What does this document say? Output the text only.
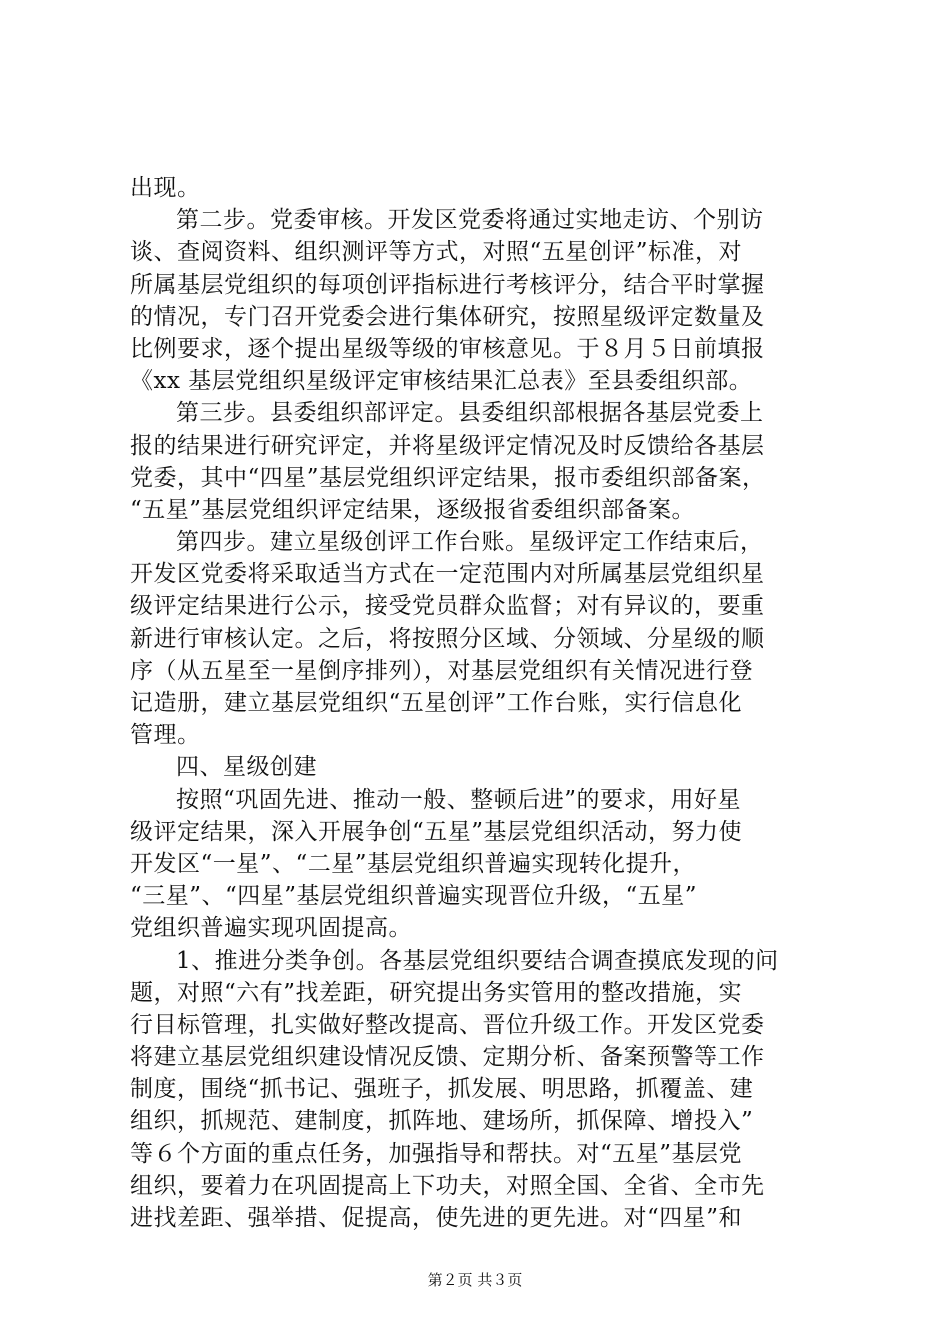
出现。
第二步。党委审核。开发区党委将通过实地走访、个别访
谈、查阅资料、组织测评等方式，对照“五星创评”标准，对
所属基层党组织的每项创评指标进行考核评分，结合平时掌握
的情况，专门召开党委会进行集体研究，按照星级评定数量及
比例要求，逐个提出星级等级的审核意见。于８月５日前填报
《xx 基层党组织星级评定审核结果汇总表》至县委组织部。
第三步。县委组织部评定。县委组织部根据各基层党委上
报的结果进行研究评定，并将星级评定情况及时反馈给各基层
党委，其中“四星”基层党组织评定结果，报市委组织部备案，
“五星”基层党组织评定结果，逐级报省委组织部备案。
第四步。建立星级创评工作台账。星级评定工作结束后，
开发区党委将采取适当方式在一定范围内对所属基层党组织星
级评定结果进行公示，接受党员群众监督；对有异议的，要重
新进行审核认定。之后，将按照分区域、分领域、分星级的顺
序（从五星至一星倒序排列），对基层党组织有关情况进行登
记造册，建立基层党组织“五星创评”工作台账，实行信息化
管理。
四、星级创建
按照“巩固先进、推动一般、整顿后进”的要求，用好星
级评定结果，深入开展争创“五星”基层党组织活动，努力使
开发区“一星”、“二星”基层党组织普遍实现转化提升，
“三星”、“四星”基层党组织普遍实现晋位升级，“五星”
党组织普遍实现巩固提高。
1、推进分类争创。各基层党组织要结合调查摸底发现的问
题，对照“六有”找差距，研究提出务实管用的整改措施，实
行目标管理，扎实做好整改提高、晋位升级工作。开发区党委
将建立基层党组织建设情况反馈、定期分析、备案预警等工作
制度，围绕“抓书记、强班子，抓发展、明思路，抓覆盖、建
组织，抓规范、建制度，抓阵地、建场所，抓保障、增投入”
等６个方面的重点任务，加强指导和帮扶。对“五星”基层党
组织，要着力在巩固提高上下功夫，对照全国、全省、全市先
进找差距、强举措、促提高，使先进的更先进。对“四星”和
第２页 共３页
